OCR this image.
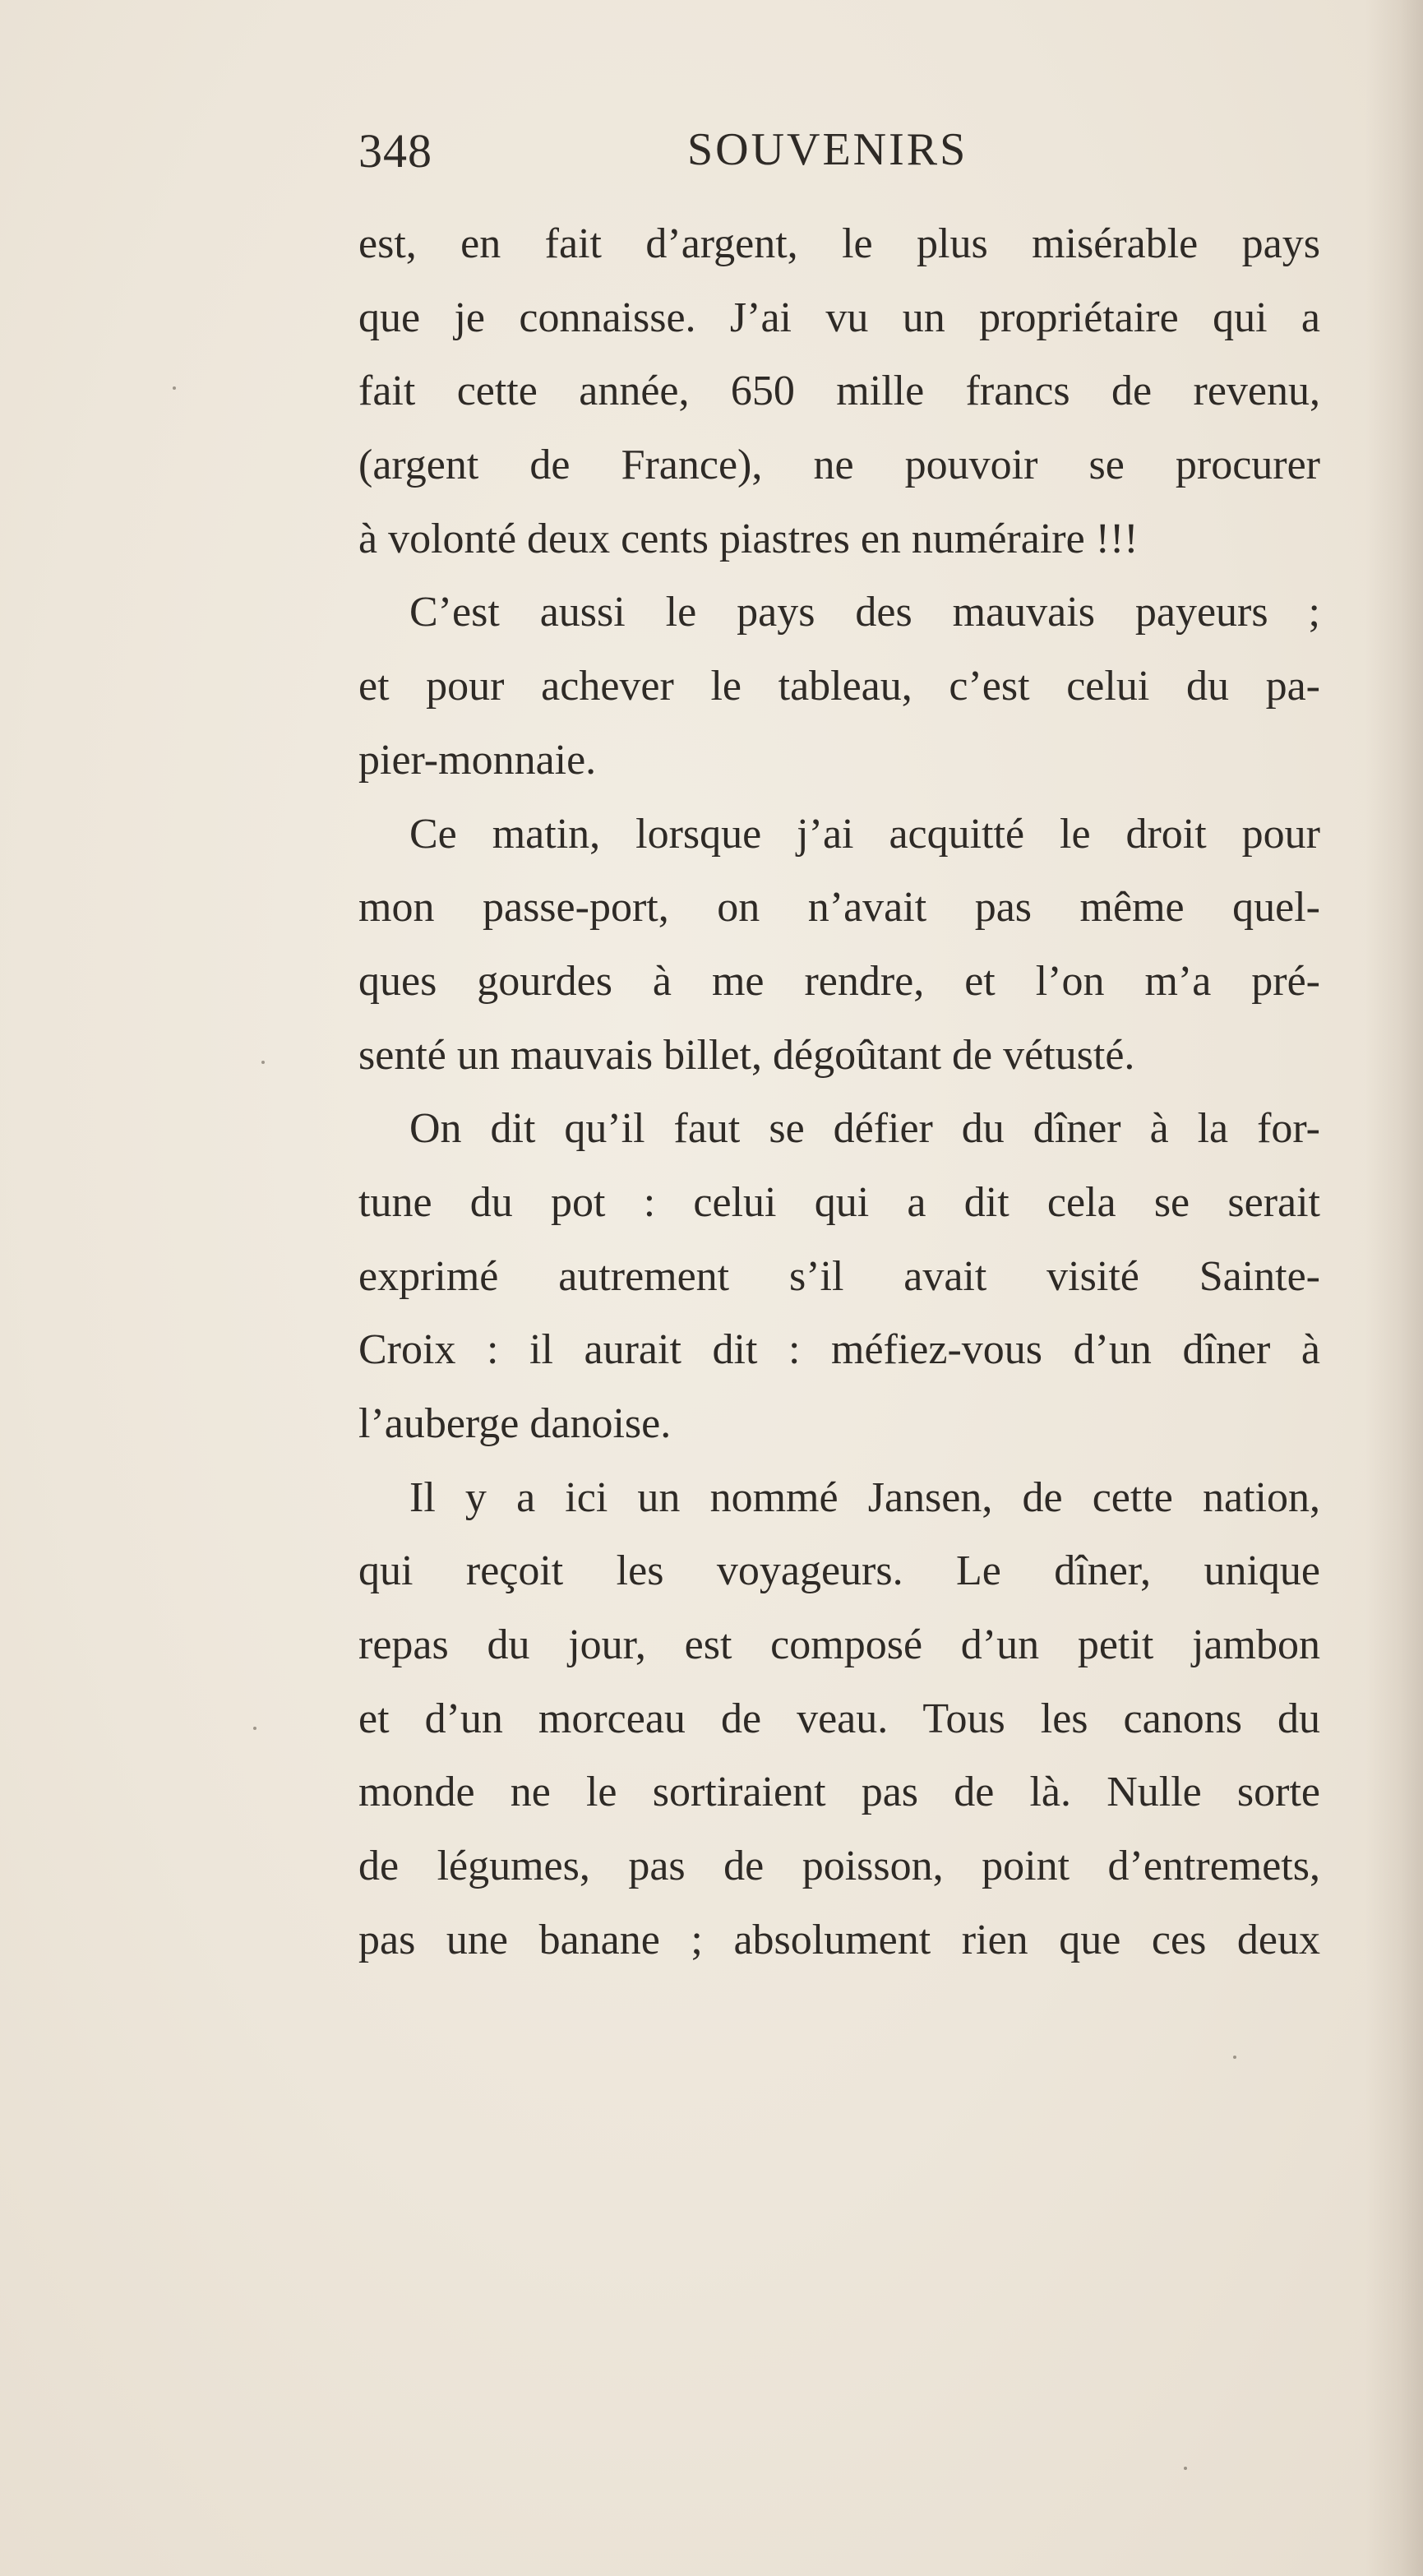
348	SOUVENIRS
est, en fait d’argent, le plus misérable pays
que je connaisse. J’ai vu un propriétaire qui a
fait cette année, 650 mille francs de revenu,
(argent de France), ne pouvoir se procurer
à volonté deux cents piastres en numéraire !!!
C’est aussi le pays des mauvais payeurs ;
et pour achever le tableau, c’est celui du pa-
pier-monnaie.
Ce matin, lorsque j’ai acquitté le droit pour
mon passe-port, on n’avait pas même quel-
ques gourdes à me rendre, et l’on m’a pré-
senté un mauvais billet, dégoûtant de vétusté.
On dit qu’il faut se défier du dîner à la for-
tune du pot : celui qui a dit cela se serait
exprimé autrement s’il avait visité Sainte-
Croix : il aurait dit : méfiez-vous d’un dîner à
l’auberge danoise.
Il y a ici un nommé Jansen, de cette nation,
qui reçoit les voyageurs. Le dîner, unique
repas du jour, est composé d’un petit jambon
et d’un morceau de veau. Tous les canons du
monde ne le sortiraient pas de là. Nulle sorte
de légumes, pas de poisson, point d’entremets,
pas une banane ; absolument rien que ces deux
